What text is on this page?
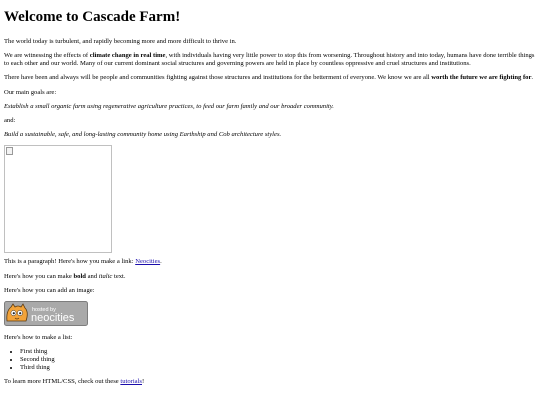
Welcome to Cascade Farm!

The world today is turbulent, and rapidly becoming more and more difficult to thrive in.

We are witnessing the effects of climate change in real time, with individuals having very little power to stop this from worsening. Throughout history and into today, humans have done terrible things to each other and our world. Many of our current dominant social structures and governing powers are held in place by countless oppressive and cruel structures and institutions.

There have been and always will be people and communities fighting against those structures and institutions for the betterment of everyone. We know we are all worth the future we are fighting for.

Our main goals are:

Establish a small organic farm using regenerative agriculture practices, to feed our farm family and our broader community.

and:

Build a sustainable, safe, and long-lasting community home using Earthship and Cob architecture styles.

This is a paragraph! Here's how you make a link: Neocities.

Here's how you can make bold and italic text.

Here's how you can add an image:

hosted by
neocities

Here's how to make a list:

• First thing
• Second thing
• Third thing

To learn more HTML/CSS, check out these tutorials!
